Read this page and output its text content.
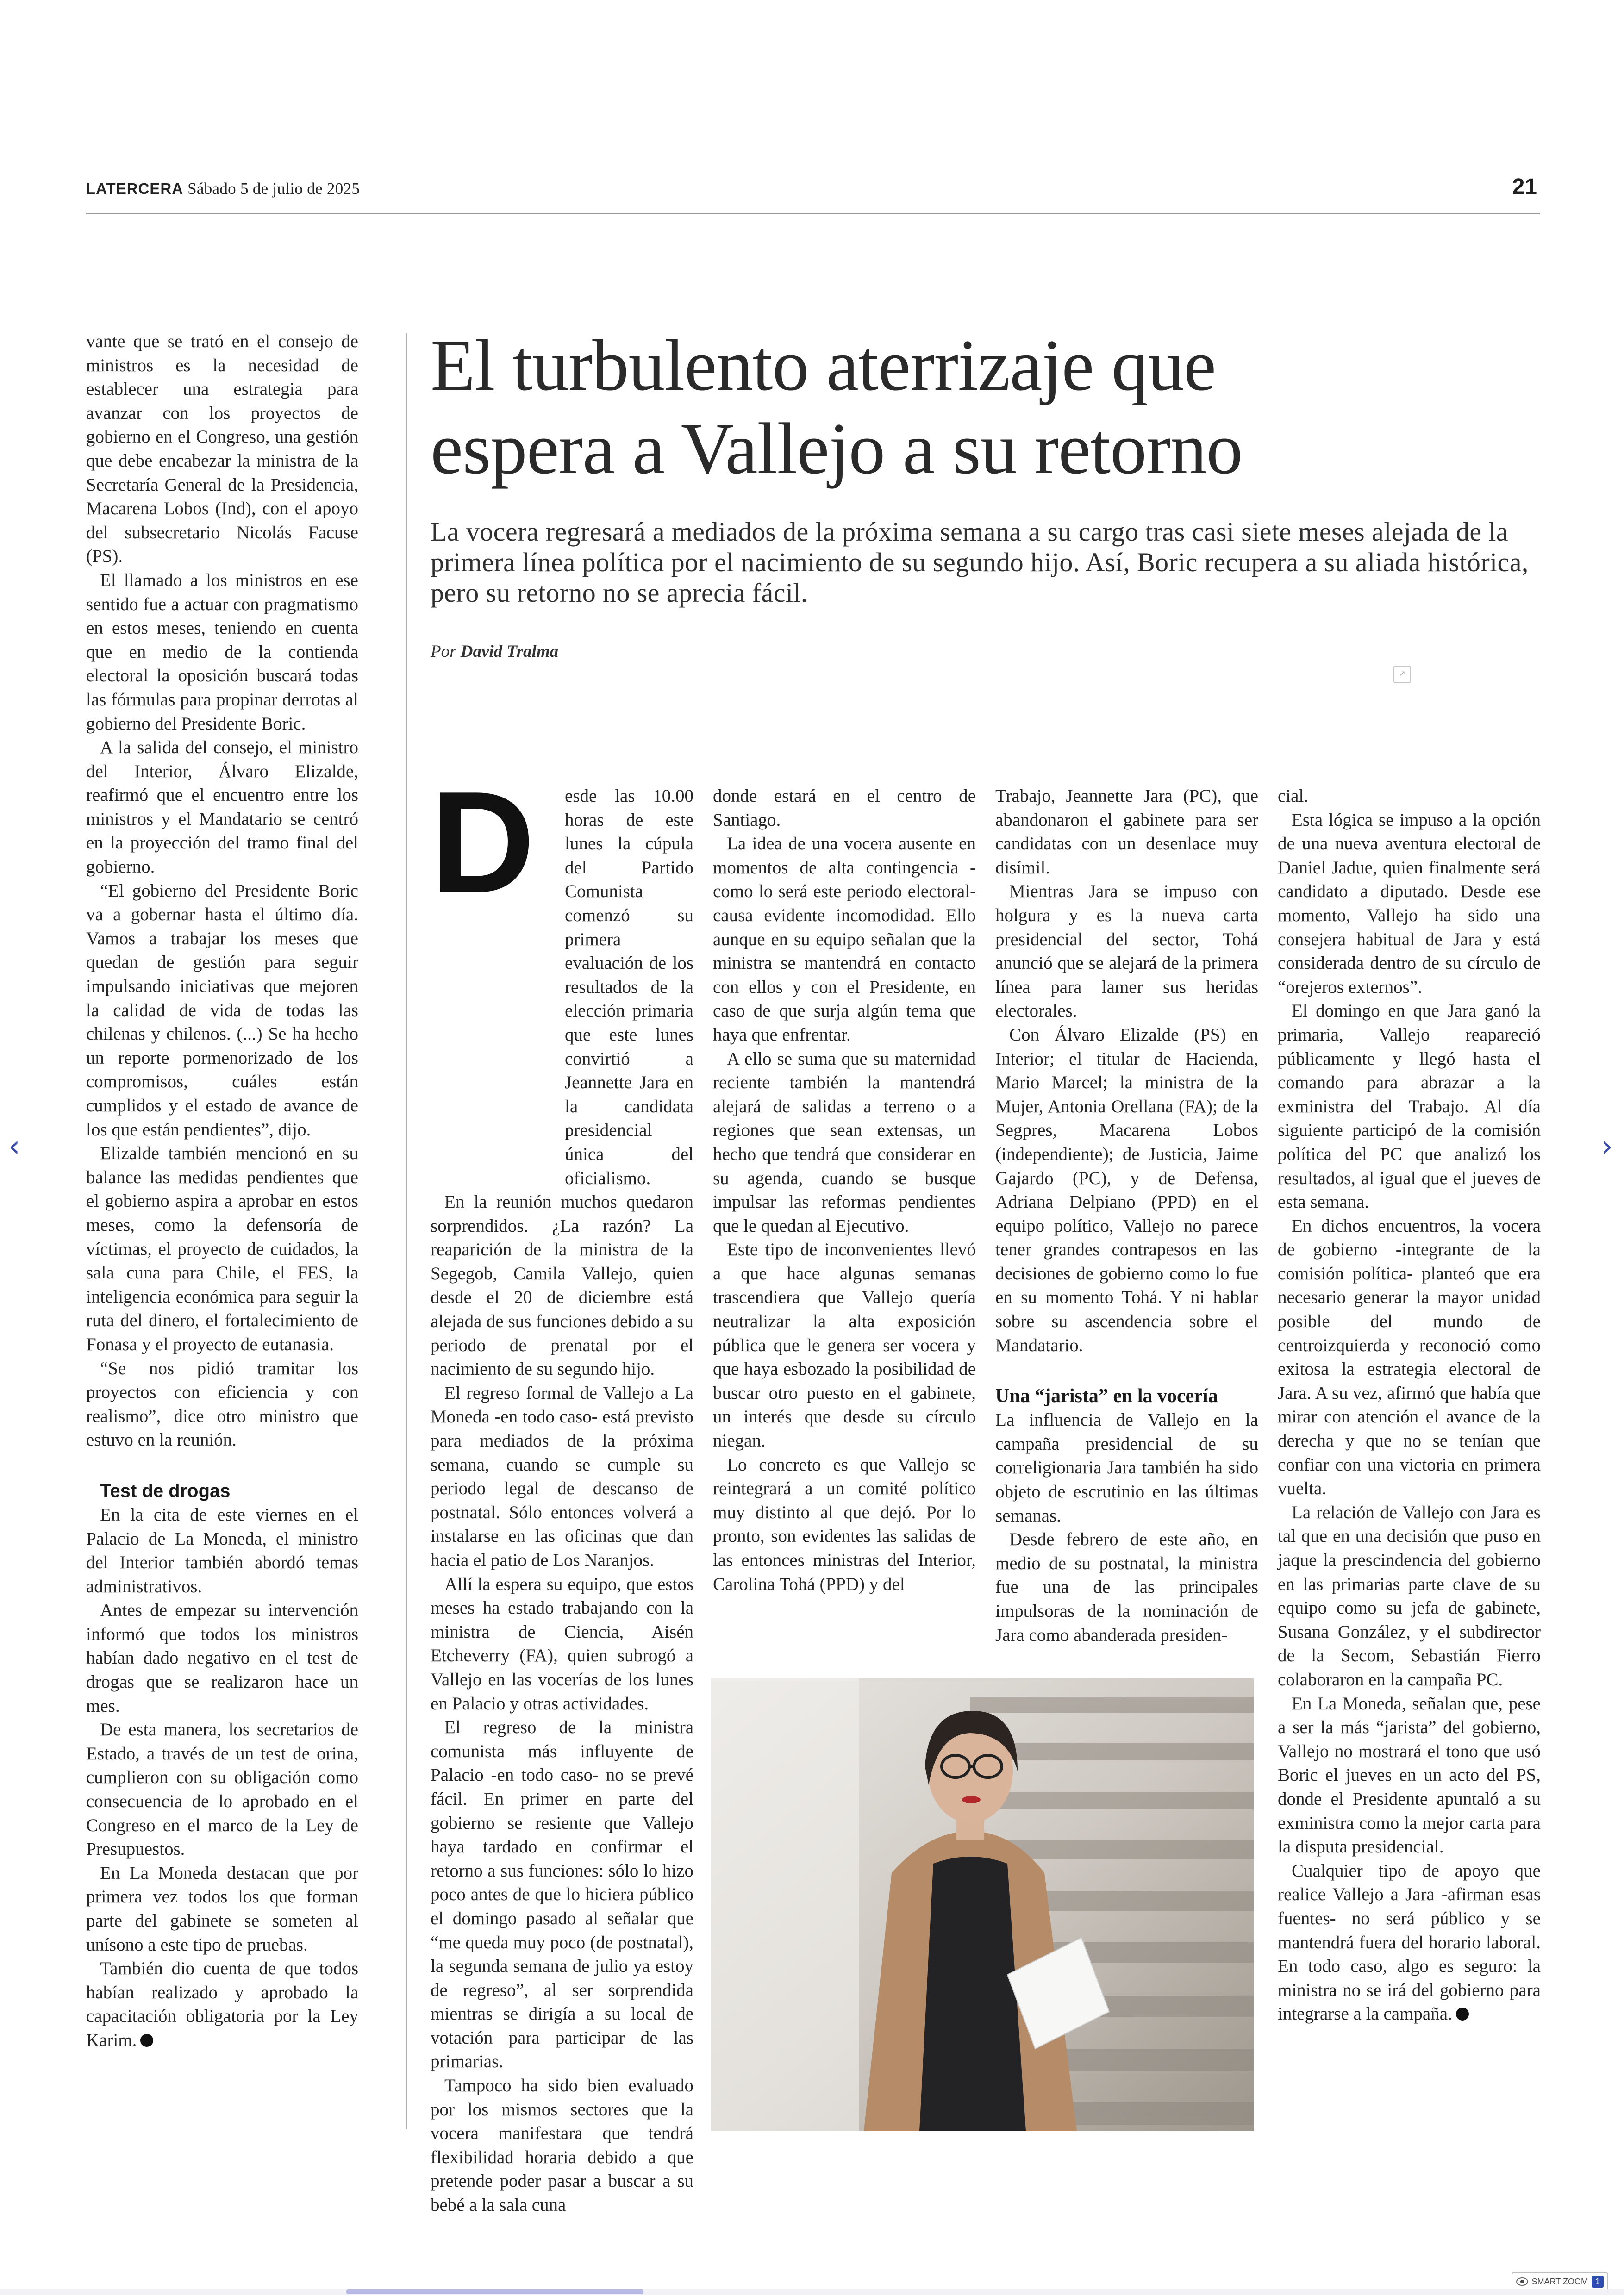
LATERCERA Sábado 5 de julio de 2025	21

vante que se trató en el consejo de ministros es la necesidad de establecer una estrategia para avanzar con los proyectos de gobierno en el Congreso, una gestión que debe encabezar la ministra de la Secretaría General de la Presidencia, Macarena Lobos (Ind), con el apoyo del subsecretario Nicolás Facuse (PS).

El llamado a los ministros en ese sentido fue a actuar con pragmatismo en estos meses, teniendo en cuenta que en medio de la contienda electoral la oposición buscará todas las fórmulas para propinar derrotas al gobierno del Presidente Boric.

A la salida del consejo, el ministro del Interior, Álvaro Elizalde, reafirmó que el encuentro entre los ministros y el Mandatario se centró en la proyección del tramo final del gobierno.

“El gobierno del Presidente Boric va a gobernar hasta el último día. Vamos a trabajar los meses que quedan de gestión para seguir impulsando iniciativas que mejoren la calidad de vida de todas las chilenas y chilenos. (...) Se ha hecho un reporte pormenorizado de los compromisos, cuáles están cumplidos y el estado de avance de los que están pendientes”, dijo.

Elizalde también mencionó en su balance las medidas pendientes que el gobierno aspira a aprobar en estos meses, como la defensoría de víctimas, el proyecto de cuidados, la sala cuna para Chile, el FES, la inteligencia económica para seguir la ruta del dinero, el fortalecimiento de Fonasa y el proyecto de eutanasia.

“Se nos pidió tramitar los proyectos con eficiencia y con realismo”, dice otro ministro que estuvo en la reunión.

Test de drogas

En la cita de este viernes en el Palacio de La Moneda, el ministro del Interior también abordó temas administrativos.

Antes de empezar su intervención informó que todos los ministros habían dado negativo en el test de drogas que se realizaron hace un mes.

De esta manera, los secretarios de Estado, a través de un test de orina, cumplieron con su obligación como consecuencia de lo aprobado en el Congreso en el marco de la Ley de Presupuestos.

En La Moneda destacan que por primera vez todos los que forman parte del gabinete se someten al unísono a este tipo de pruebas.

También dio cuenta de que todos habían realizado y aprobado la capacitación obligatoria por la Ley Karim.

El turbulento aterrizaje que
espera a Vallejo a su retorno

La vocera regresará a mediados de la próxima semana a su cargo tras casi siete meses alejada de la primera línea política por el nacimiento de su segundo hijo. Así, Boric recupera a su aliada histórica, pero su retorno no se aprecia fácil.

Por David Tralma
↗
D	esde las 10.00 horas de este lunes la cúpula del Partido Comunista comenzó su primera evaluación de los resultados de la elección primaria que este lunes convirtió a Jeannette Jara en la candidata presidencial única del oficialismo.

En la reunión muchos quedaron sorprendidos. ¿La razón? La reaparición de la ministra de la Segegob, Camila Vallejo, quien desde el 20 de diciembre está alejada de sus funciones debido a su periodo de prenatal por el nacimiento de su segundo hijo.

El regreso formal de Vallejo a La Moneda -en todo caso- está previsto para mediados de la próxima semana, cuando se cumple su periodo legal de descanso de postnatal. Sólo entonces volverá a instalarse en las oficinas que dan hacia el patio de Los Naranjos.

Allí la espera su equipo, que estos meses ha estado trabajando con la ministra de Ciencia, Aisén Etcheverry (FA), quien subrogó a Vallejo en las vocerías de los lunes en Palacio y otras actividades.

El regreso de la ministra comunista más influyente de Palacio -en todo caso- no se prevé fácil. En primer en parte del gobierno se resiente que Vallejo haya tardado en confirmar el retorno a sus funciones: sólo lo hizo poco antes de que lo hiciera público el domingo pasado al señalar que “me queda muy poco (de postnatal), la segunda semana de julio ya estoy de regreso”, al ser sorprendida mientras se dirigía a su local de votación para participar de las primarias.

Tampoco ha sido bien evaluado por los mismos sectores que la vocera manifestara que tendrá flexibilidad horaria debido a que pretende poder pasar a buscar a su bebé a la sala cuna

donde estará en el centro de Santiago.

La idea de una vocera ausente en momentos de alta contingencia -como lo será este periodo electoral- causa evidente incomodidad. Ello aunque en su equipo señalan que la ministra se mantendrá en contacto con ellos y con el Presidente, en caso de que surja algún tema que haya que enfrentar.

A ello se suma que su maternidad reciente también la mantendrá alejará de salidas a terreno o a regiones que sean extensas, un hecho que tendrá que considerar en su agenda, cuando se busque impulsar las reformas pendientes que le quedan al Ejecutivo.

Este tipo de inconvenientes llevó a que hace algunas semanas trascendiera que Vallejo quería neutralizar la alta exposición pública que le genera ser vocera y que haya esbozado la posibilidad de buscar otro puesto en el gabinete, un interés que desde su círculo niegan.

Lo concreto es que Vallejo se reintegrará a un comité político muy distinto al que dejó. Por lo pronto, son evidentes las salidas de las entonces ministras del Interior, Carolina Tohá (PPD) y del

Trabajo, Jeannette Jara (PC), que abandonaron el gabinete para ser candidatas con un desenlace muy disímil.

Mientras Jara se impuso con holgura y es la nueva carta presidencial del sector, Tohá anunció que se alejará de la primera línea para lamer sus heridas electorales.

Con Álvaro Elizalde (PS) en Interior; el titular de Hacienda, Mario Marcel; la ministra de la Mujer, Antonia Orellana (FA); de la Segpres, Macarena Lobos (independiente); de Justicia, Jaime Gajardo (PC), y de Defensa, Adriana Delpiano (PPD) en el equipo político, Vallejo no parece tener grandes contrapesos en las decisiones de gobierno como lo fue en su momento Tohá. Y ni hablar sobre su ascendencia sobre el Mandatario.

Una “jarista” en la vocería

La influencia de Vallejo en la campaña presidencial de su correligionaria Jara también ha sido objeto de escrutinio en las últimas semanas.

Desde febrero de este año, en medio de su postnatal, la ministra fue una de las principales impulsoras de la nominación de Jara como abanderada presiden-

cial.

Esta lógica se impuso a la opción de una nueva aventura electoral de Daniel Jadue, quien finalmente será candidato a diputado. Desde ese momento, Vallejo ha sido una consejera habitual de Jara y está considerada dentro de su círculo de “orejeros externos”.

El domingo en que Jara ganó la primaria, Vallejo reapareció públicamente y llegó hasta el comando para abrazar a la exministra del Trabajo. Al día siguiente participó de la comisión política del PC que analizó los resultados, al igual que el jueves de esta semana.

En dichos encuentros, la vocera de gobierno -integrante de la comisión política- planteó que era necesario generar la mayor unidad posible del mundo de centroizquierda y reconoció como exitosa la estrategia electoral de Jara. A su vez, afirmó que había que mirar con atención el avance de la derecha y que no se tenían que confiar con una victoria en primera vuelta.

La relación de Vallejo con Jara es tal que en una decisión que puso en jaque la prescindencia del gobierno en las primarias parte clave de su equipo como su jefa de gabinete, Susana González, y el subdirector de la Secom, Sebastián Fierro colaboraron en la campaña PC.

En La Moneda, señalan que, pese a ser la más “jarista” del gobierno, Vallejo no mostrará el tono que usó Boric el jueves en un acto del PS, donde el Presidente apuntaló a su exministra como la mejor carta para la disputa presidencial.

Cualquier tipo de apoyo que realice Vallejo a Jara -afirman esas fuentes- no será público y se mantendrá fuera del horario laboral. En todo caso, algo es seguro: la ministra no se irá del gobierno para integrarse a la campaña.

‹	›
SMART ZOOM 1
